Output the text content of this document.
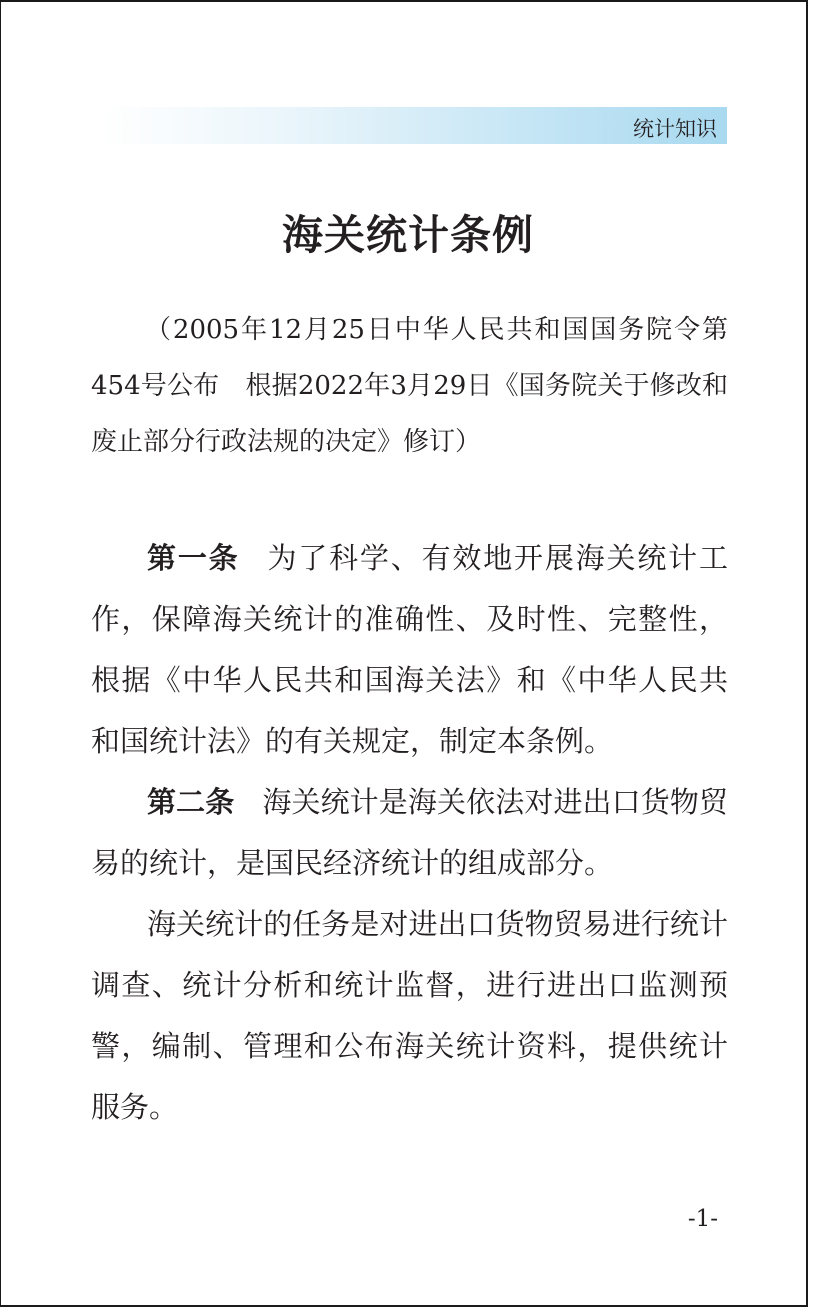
统计知识
海关统计条例
（2005年12月25日中华人民共和国国务院令第454号公布　根据2022年3月29日《国务院关于修改和废止部分行政法规的决定》修订）

第一条 为了科学、有效地开展海关统计工作，保障海关统计的准确性、及时性、完整性，根据《中华人民共和国海关法》和《中华人民共和国统计法》的有关规定，制定本条例。

第二条 海关统计是海关依法对进出口货物贸易的统计，是国民经济统计的组成部分。

海关统计的任务是对进出口货物贸易进行统计调查、统计分析和统计监督，进行进出口监测预警，编制、管理和公布海关统计资料，提供统计服务。

-1-
